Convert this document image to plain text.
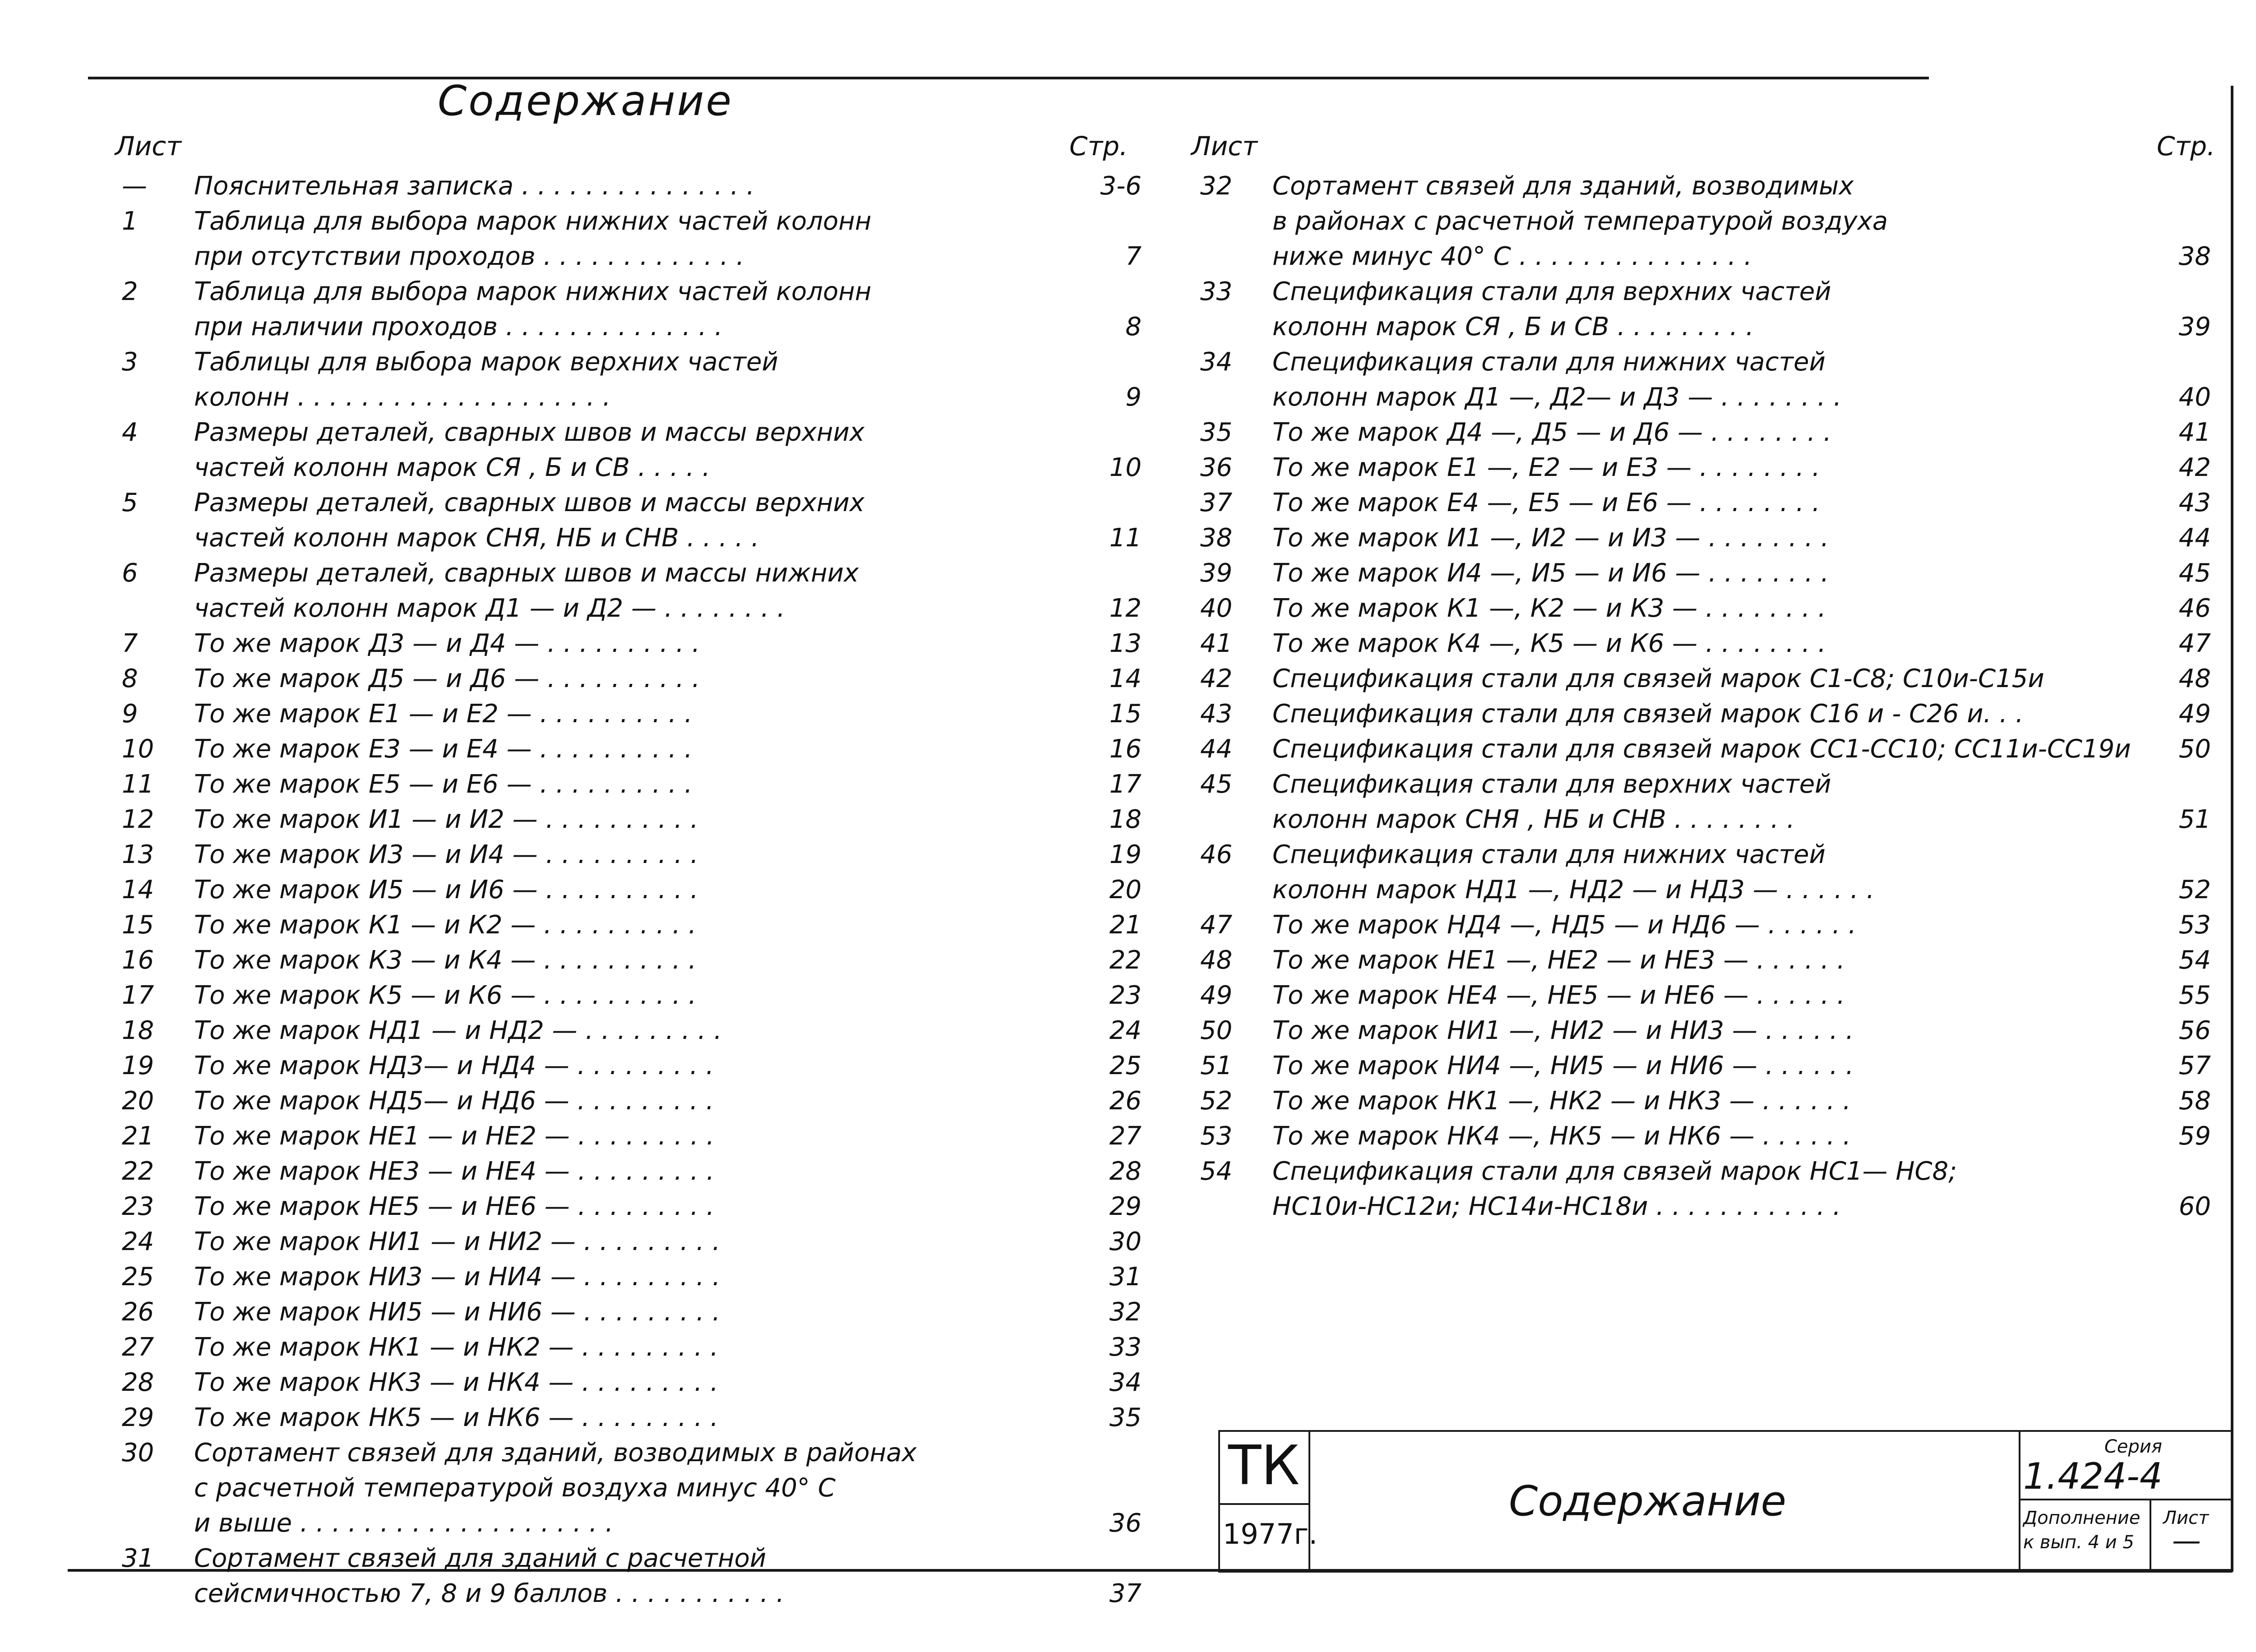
Содержание
Лист	Стр. Лист	Стр.
—	Пояснительная записка . . . . . . . . . . . . . . .	3-6
1	Таблица для выбора марок нижних частей колонн
при отсутствии проходов . . . . . . . . . . . . .	7
2	Таблица для выбора марок нижних частей колонн
при наличии проходов . . . . . . . . . . . . . .	8
3	Таблицы для выбора марок верхних частей
колонн . . . . . . . . . . . . . . . . . . . .	9
4	Размеры деталей, сварных швов и массы верхних
частей колонн марок СЯ , Б и СВ . . . . .	10
5	Размеры деталей, сварных швов и массы верхних
частей колонн марок СНЯ, НБ и СНВ . . . . .	11
6	Размеры деталей, сварных швов и массы нижних
частей колонн марок Д1 — и Д2 — . . . . . . . .	12
7	То же марок Д3 — и Д4 — . . . . . . . . . .	13
8	То же марок Д5 — и Д6 — . . . . . . . . . .	14
9	То же марок Е1 — и Е2 — . . . . . . . . . .	15
10	То же марок Е3 — и Е4 — . . . . . . . . . .	16
11	То же марок Е5 — и Е6 — . . . . . . . . . .	17
12	То же марок И1 — и И2 — . . . . . . . . . .	18
13	То же марок И3 — и И4 — . . . . . . . . . .	19
14	То же марок И5 — и И6 — . . . . . . . . . .	20
15	То же марок К1 — и К2 — . . . . . . . . . .	21
16	То же марок К3 — и К4 — . . . . . . . . . .	22
17	То же марок К5 — и К6 — . . . . . . . . . .	23
18	То же марок НД1 — и НД2 — . . . . . . . . .	24
19	То же марок НД3— и НД4 — . . . . . . . . .	25
20	То же марок НД5— и НД6 — . . . . . . . . .	26
21	То же марок НЕ1 — и НЕ2 — . . . . . . . . .	27
22	То же марок НЕ3 — и НЕ4 — . . . . . . . . .	28
23	То же марок НЕ5 — и НЕ6 — . . . . . . . . .	29
24	То же марок НИ1 — и НИ2 — . . . . . . . . .	30
25	То же марок НИ3 — и НИ4 — . . . . . . . . .	31
26	То же марок НИ5 — и НИ6 — . . . . . . . . .	32
27	То же марок НК1 — и НК2 — . . . . . . . . .	33
28	То же марок НК3 — и НК4 — . . . . . . . . .	34
29	То же марок НК5 — и НК6 — . . . . . . . . .	35
30	Сортамент связей для зданий, возводимых в районах
с расчетной температурой воздуха минус 40° С
и выше . . . . . . . . . . . . . . . . . . . .	36
31	Сортамент связей для зданий с расчетной
сейсмичностью 7, 8 и 9 баллов . . . . . . . . . . .	37
32	Сортамент связей для зданий, возводимых
в районах с расчетной температурой воздуха
ниже минус 40° С . . . . . . . . . . . . . . .	38
33	Спецификация стали для верхних частей
колонн марок СЯ , Б и СВ . . . . . . . . .	39
34	Спецификация стали для нижних частей
колонн марок Д1 —, Д2— и Д3 — . . . . . . . .	40
35	То же марок Д4 —, Д5 — и Д6 — . . . . . . . .	41
36	То же марок Е1 —, Е2 — и Е3 — . . . . . . . .	42
37	То же марок Е4 —, Е5 — и Е6 — . . . . . . . .	43
38	То же марок И1 —, И2 — и И3 — . . . . . . . .	44
39	То же марок И4 —, И5 — и И6 — . . . . . . . .	45
40	То же марок К1 —, К2 — и К3 — . . . . . . . .	46
41	То же марок К4 —, К5 — и К6 — . . . . . . . .	47
42	Спецификация стали для связей марок С1-С8; С10и-С15и	48
43	Спецификация стали для связей марок С16 и - С26 и. . .	49
44	Спецификация стали для связей марок СС1-СС10; СС11и-СС19и	50
45	Спецификация стали для верхних частей
колонн марок СНЯ , НБ и СНВ . . . . . . . .	51
46	Спецификация стали для нижних частей
колонн марок НД1 —, НД2 — и НД3 — . . . . . .	52
47	То же марок НД4 —, НД5 — и НД6 — . . . . . .	53
48	То же марок НЕ1 —, НЕ2 — и НЕ3 — . . . . . .	54
49	То же марок НЕ4 —, НЕ5 — и НЕ6 — . . . . . .	55
50	То же марок НИ1 —, НИ2 — и НИ3 — . . . . . .	56
51	То же марок НИ4 —, НИ5 — и НИ6 — . . . . . .	57
52	То же марок НК1 —, НК2 — и НК3 — . . . . . .	58
53	То же марок НК4 —, НК5 — и НК6 — . . . . . .	59
54	Спецификация стали для связей марок НС1— НС8;
НС10и-НС12и; НС14и-НС18и . . . . . . . . . . . .	60
ТК
1977г.
Содержание
Серия
1.424-4
Дополнение
к вып. 4 и 5
Лист
—
